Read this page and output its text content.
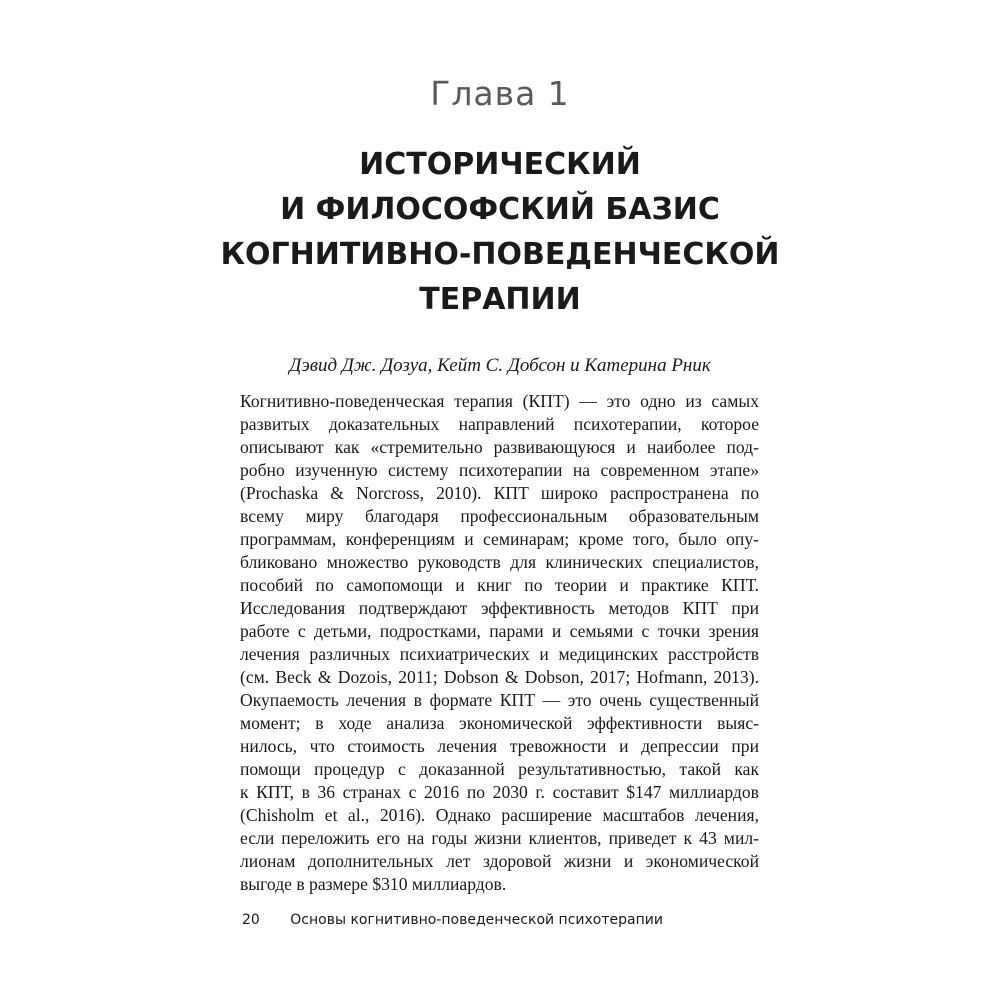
Глава 1
ИСТОРИЧЕСКИЙ
И ФИЛОСОФСКИЙ БАЗИС
КОГНИТИВНО-ПОВЕДЕНЧЕСКОЙ
ТЕРАПИИ
Дэвид Дж. Дозуа, Кейт С. Добсон и Катерина Рник
Когнитивно-поведенческая терапия (КПТ) — это одно из самых
развитых доказательных направлений психотерапии, которое
описывают как «стремительно развивающуюся и наиболее под-
робно изученную систему психотерапии на современном этапе»
(Prochaska & Norcross, 2010). КПТ широко распространена по
всему миру благодаря профессиональным образовательным
программам, конференциям и семинарам; кроме того, было опу-
бликовано множество руководств для клинических специалистов,
пособий по самопомощи и книг по теории и практике КПТ.
Исследования подтверждают эффективность методов КПТ при
работе с детьми, подростками, парами и семьями с точки зрения
лечения различных психиатрических и медицинских расстройств
(см. Beck & Dozois, 2011; Dobson & Dobson, 2017; Hofmann, 2013).
Окупаемость лечения в формате КПТ — это очень существенный
момент; в ходе анализа экономической эффективности выяс-
нилось, что стоимость лечения тревожности и депрессии при
помощи процедур с доказанной результативностью, такой как
к КПТ, в 36 странах с 2016 по 2030 г. составит $147 миллиардов
(Chisholm et al., 2016). Однако расширение масштабов лечения,
если переложить его на годы жизни клиентов, приведет к 43 мил-
лионам дополнительных лет здоровой жизни и экономической
выгоде в размере $310 миллиардов.
20 Основы когнитивно-поведенческой психотерапии
